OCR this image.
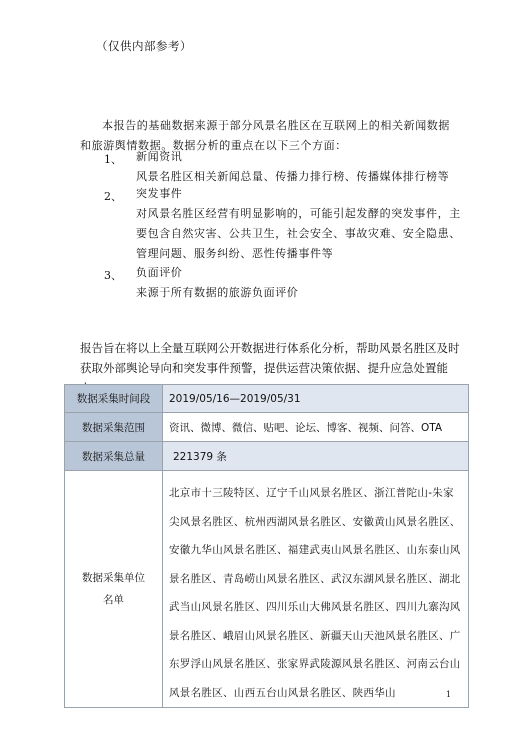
（仅供内部参考）
本报告的基础数据来源于部分风景名胜区在互联网上的相关新闻数据和旅游舆情数据。数据分析的重点在以下三个方面：
1、 新闻资讯
风景名胜区相关新闻总量、传播力排行榜、传播媒体排行榜等
2、 突发事件
对风景名胜区经营有明显影响的，可能引起发酵的突发事件，主要包含自然灾害、公共卫生，社会安全、事故灾难、安全隐患、管理问题、服务纠纷、恶性传播事件等
3、 负面评价
来源于所有数据的旅游负面评价
报告旨在将以上全量互联网公开数据进行体系化分析，帮助风景名胜区及时获取外部舆论导向和突发事件预警，提供运营决策依据、提升应急处置能
数据采集时间段	2019/05/16—2019/05/31
数据采集范围	资讯、微博、微信、贴吧、论坛、博客、视频、问答、OTA
数据采集总量	221379 条

数据采集单位
名单	北京市十三陵特区、辽宁千山风景名胜区、浙江普陀山-朱家尖风景名胜区、杭州西湖风景名胜区、安徽黄山风景名胜区、安徽九华山风景名胜区、福建武夷山风景名胜区、山东泰山风景名胜区、青岛崂山风景名胜区、武汉东湖风景名胜区、湖北武当山风景名胜区、四川乐山大佛风景名胜区、四川九寨沟风景名胜区、峨眉山风景名胜区、新疆天山天池风景名胜区、广东罗浮山风景名胜区、张家界武陵源风景名胜区、河南云台山风景名胜区、山西五台山风景名胜区、陕西华山	1
